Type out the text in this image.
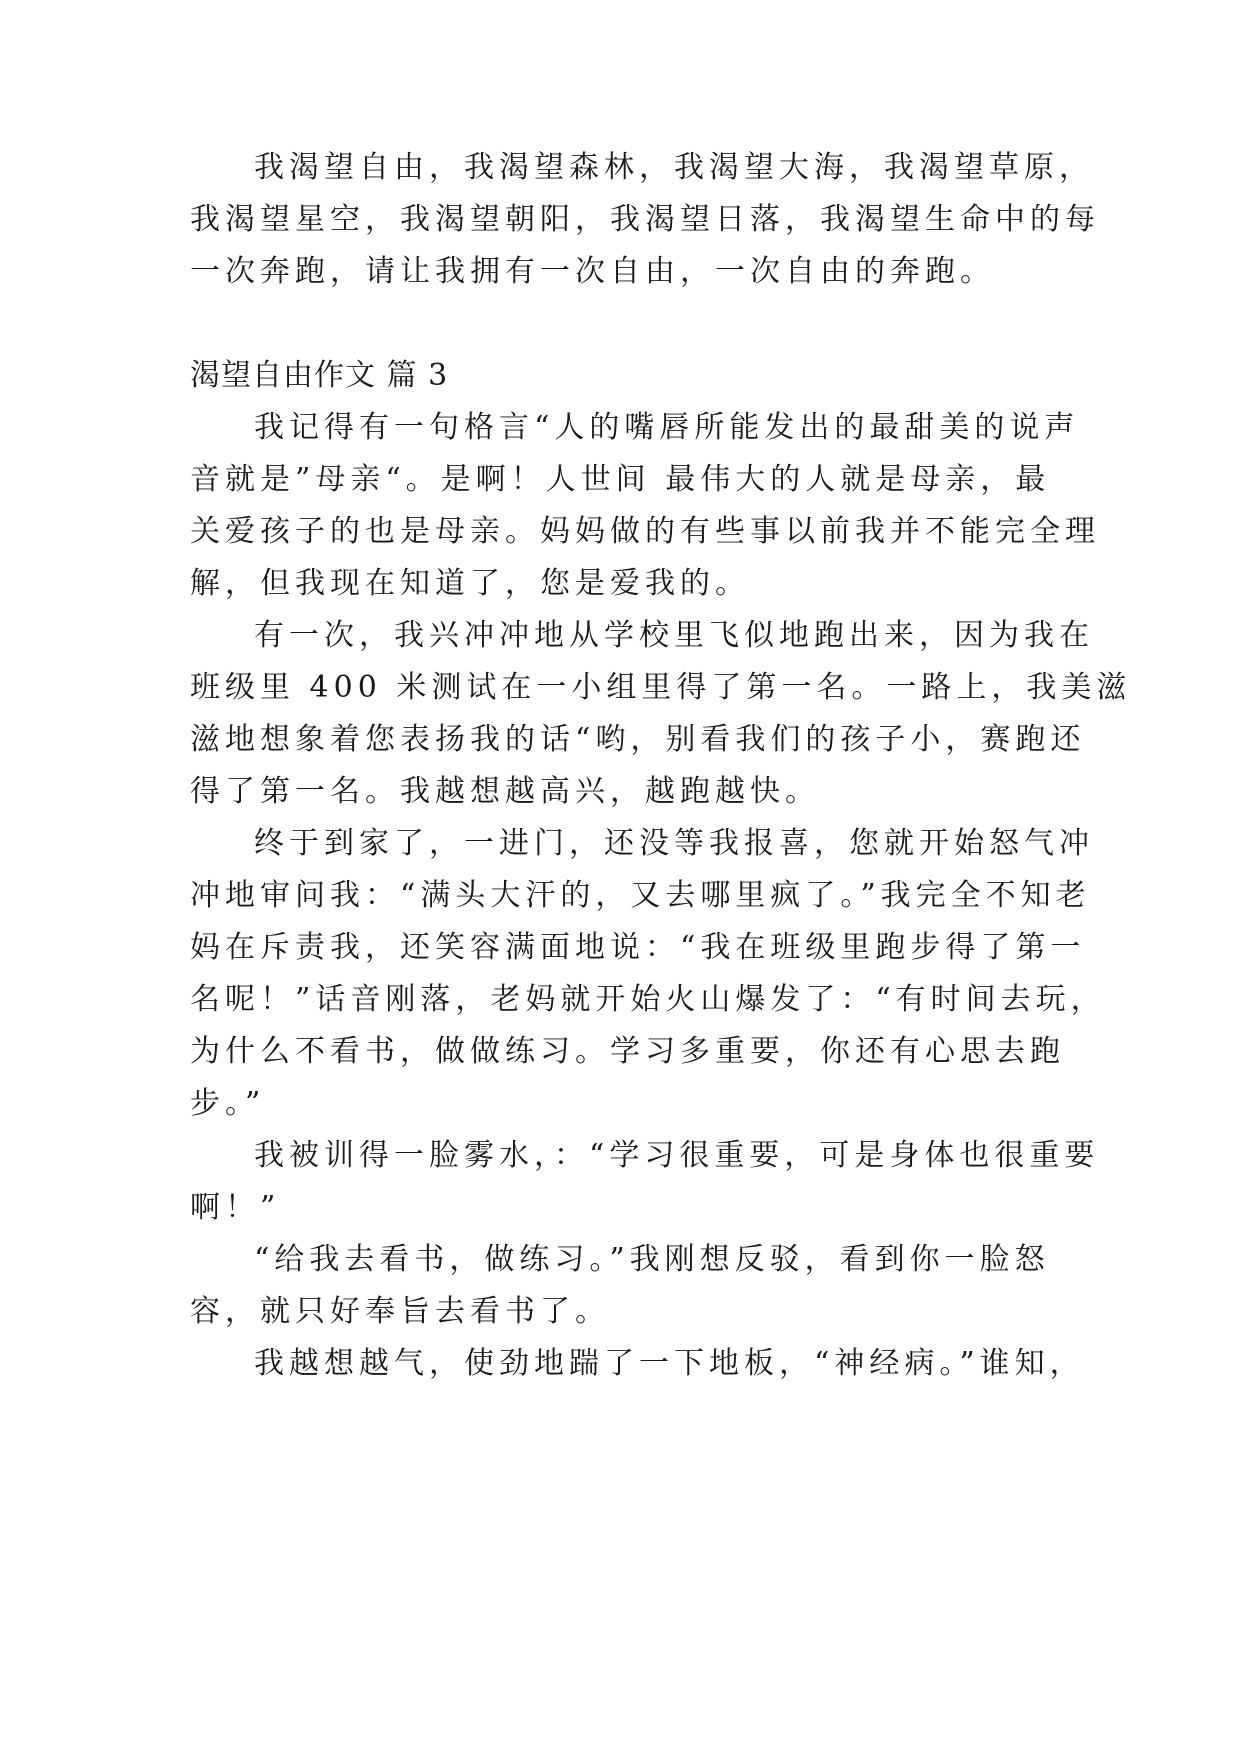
我渴望自由，我渴望森林，我渴望大海，我渴望草原，
我渴望星空，我渴望朝阳，我渴望日落，我渴望生命中的每
一次奔跑，请让我拥有一次自由，一次自由的奔跑。
渴望自由作文 篇 3
我记得有一句格言“人的嘴唇所能发出的最甜美的说声
音就是”母亲“。是啊！人世间 最伟大的人就是母亲，最
关爱孩子的也是母亲。妈妈做的有些事以前我并不能完全理
解，但我现在知道了，您是爱我的。
有一次，我兴冲冲地从学校里飞似地跑出来，因为我在
班级里 400 米测试在一小组里得了第一名。一路上，我美滋
滋地想象着您表扬我的话“哟，别看我们的孩子小，赛跑还
得了第一名。我越想越高兴，越跑越快。
终于到家了，一进门，还没等我报喜，您就开始怒气冲
冲地审问我：“满头大汗的，又去哪里疯了。”我完全不知老
妈在斥责我，还笑容满面地说：“我在班级里跑步得了第一
名呢！”话音刚落，老妈就开始火山爆发了：“有时间去玩，
为什么不看书，做做练习。学习多重要，你还有心思去跑
步。”
我被训得一脸雾水，：“学习很重要，可是身体也很重要
啊！”
“给我去看书，做练习。”我刚想反驳，看到你一脸怒
容，就只好奉旨去看书了。
我越想越气，使劲地踹了一下地板，“神经病。”谁知，
